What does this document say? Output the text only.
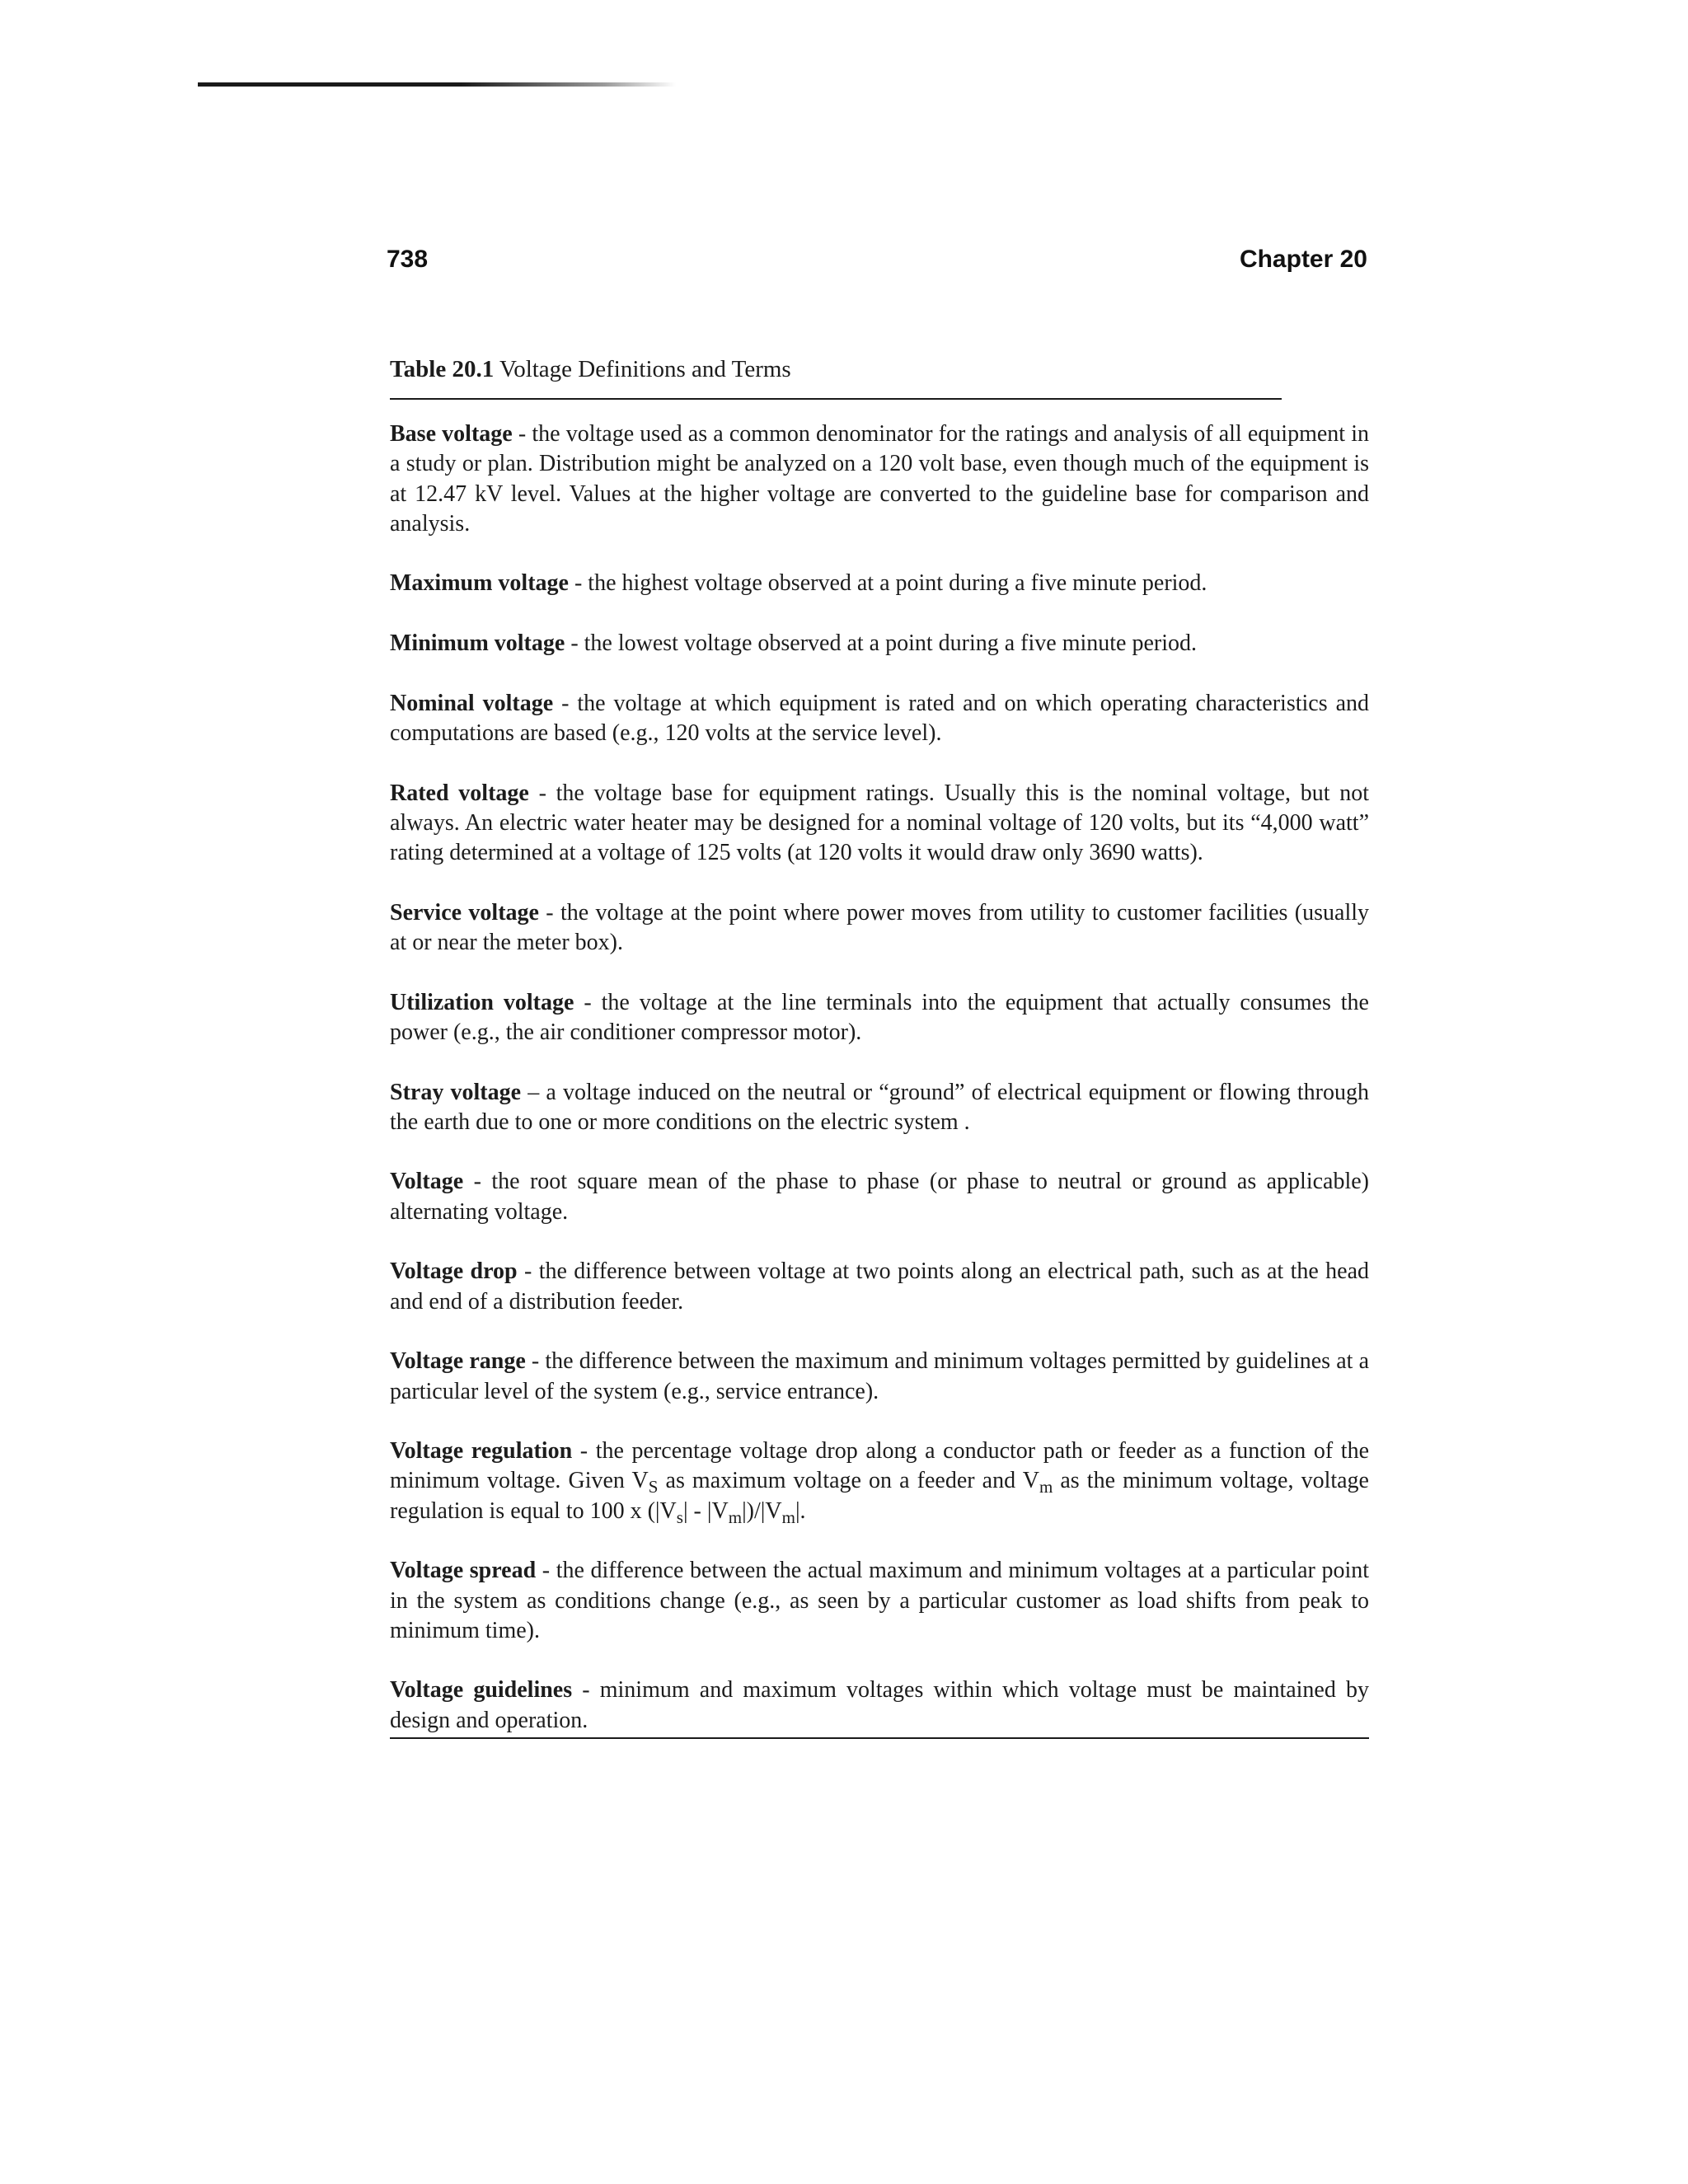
738	Chapter 20

Table 20.1 Voltage Definitions and Terms

Base voltage - the voltage used as a common denominator for the ratings and analysis of all equipment in a study or plan. Distribution might be analyzed on a 120 volt base, even though much of the equipment is at 12.47 kV level. Values at the higher voltage are converted to the guideline base for comparison and analysis.

Maximum voltage - the highest voltage observed at a point during a five minute period.

Minimum voltage - the lowest voltage observed at a point during a five minute period.

Nominal voltage - the voltage at which equipment is rated and on which operating characteristics and computations are based (e.g., 120 volts at the service level).

Rated voltage - the voltage base for equipment ratings. Usually this is the nominal voltage, but not always. An electric water heater may be designed for a nominal voltage of 120 volts, but its “4,000 watt” rating determined at a voltage of 125 volts (at 120 volts it would draw only 3690 watts).

Service voltage - the voltage at the point where power moves from utility to customer facilities (usually at or near the meter box).

Utilization voltage - the voltage at the line terminals into the equipment that actually consumes the power (e.g., the air conditioner compressor motor).

Stray voltage – a voltage induced on the neutral or “ground” of electrical equipment or flowing through the earth due to one or more conditions on the electric system .

Voltage - the root square mean of the phase to phase (or phase to neutral or ground as applicable) alternating voltage.

Voltage drop - the difference between voltage at two points along an electrical path, such as at the head and end of a distribution feeder.

Voltage range - the difference between the maximum and minimum voltages permitted by guidelines at a particular level of the system (e.g., service entrance).

Voltage regulation - the percentage voltage drop along a conductor path or feeder as a function of the minimum voltage. Given $V_S$ as maximum voltage on a feeder and $V_m$ as the minimum voltage, voltage regulation is equal to 100 x $(|V_s| - |V_m|)/|V_m|$.

Voltage spread - the difference between the actual maximum and minimum voltages at a particular point in the system as conditions change (e.g., as seen by a particular customer as load shifts from peak to minimum time).

Voltage guidelines - minimum and maximum voltages within which voltage must be maintained by design and operation.
